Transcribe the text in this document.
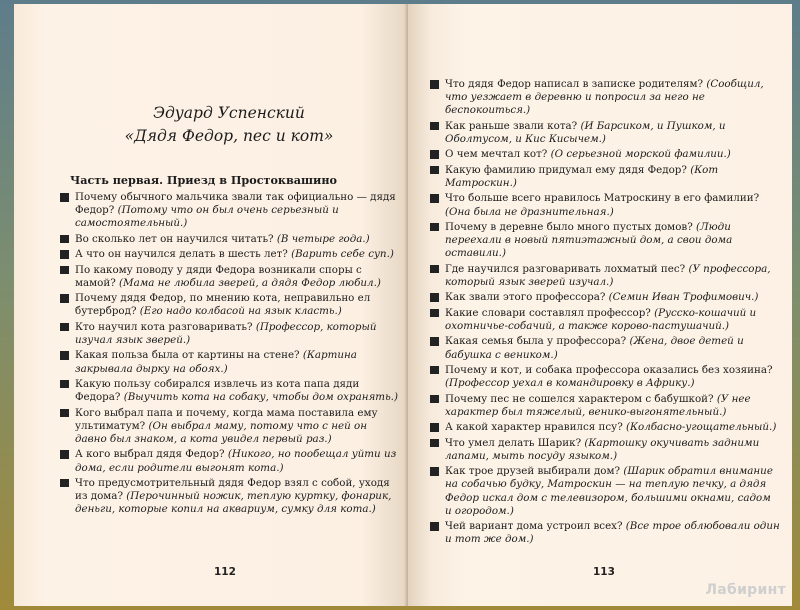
Эдуард Успенский
«Дядя Федор, пес и кот»
Часть первая. Приезд в Простоквашино
Почему обычного мальчика звали так официально — дядя Федор? (Потому что он был очень серьезный и самостоятельный.)
Во сколько лет он научился читать? (В четыре года.)
А что он научился делать в шесть лет? (Варить себе суп.)
По какому поводу у дяди Федора возникали споры с мамой? (Мама не любила зверей, а дядя Федор любил.)
Почему дядя Федор, по мнению кота, неправильно ел бутерброд? (Его надо колбасой на язык класть.)
Кто научил кота разговаривать? (Профессор, который изучал язык зверей.)
Какая польза была от картины на стене? (Картина закрывала дырку на обоях.)
Какую пользу собирался извлечь из кота папа дяди Федора? (Выучить кота на собаку, чтобы дом охранять.)
Кого выбрал папа и почему, когда мама поставила ему ультиматум? (Он выбрал маму, потому что с ней он давно был знаком, а кота увидел первый раз.)
А кого выбрал дядя Федор? (Никого, но пообещал уйти из дома, если родители выгонят кота.)
Что предусмотрительный дядя Федор взял с собой, уходя из дома? (Перочинный ножик, теплую куртку, фонарик, деньги, которые копил на аквариум, сумку для кота.)
112
Что дядя Федор написал в записке родителям? (Сообщил, что уезжает в деревню и попросил за него не беспокоиться.)
Как раньше звали кота? (И Барсиком, и Пушком, и Оболтусом, и Кис Кисычем.)
О чем мечтал кот? (О серьезной морской фамилии.)
Какую фамилию придумал ему дядя Федор? (Кот Матроскин.)
Что больше всего нравилось Матроскину в его фамилии? (Она была не дразнительная.)
Почему в деревне было много пустых домов? (Люди переехали в новый пятиэтажный дом, а свои дома оставили.)
Где научился разговаривать лохматый пес? (У профессора, который язык зверей изучал.)
Как звали этого профессора? (Семин Иван Трофимович.)
Какие словари составлял профессор? (Русско-кошачий и охотничье-собачий, а также корово-пастушачий.)
Какая семья была у профессора? (Жена, двое детей и бабушка с веником.)
Почему и кот, и собака профессора оказались без хозяина? (Профессор уехал в командировку в Африку.)
Почему пес не сошелся характером с бабушкой? (У нее характер был тяжелый, венико-выгонятельный.)
А какой характер нравился псу? (Колбасно-угощательный.)
Что умел делать Шарик? (Картошку окучивать задними лапами, мыть посуду языком.)
Как трое друзей выбирали дом? (Шарик обратил внимание на собачью будку, Матроскин — на теплую печку, а дядя Федор искал дом с телевизором, большими окнами, садом и огородом.)
Чей вариант дома устроил всех? (Все трое облюбовали один и тот же дом.)
113
Лабиринт
